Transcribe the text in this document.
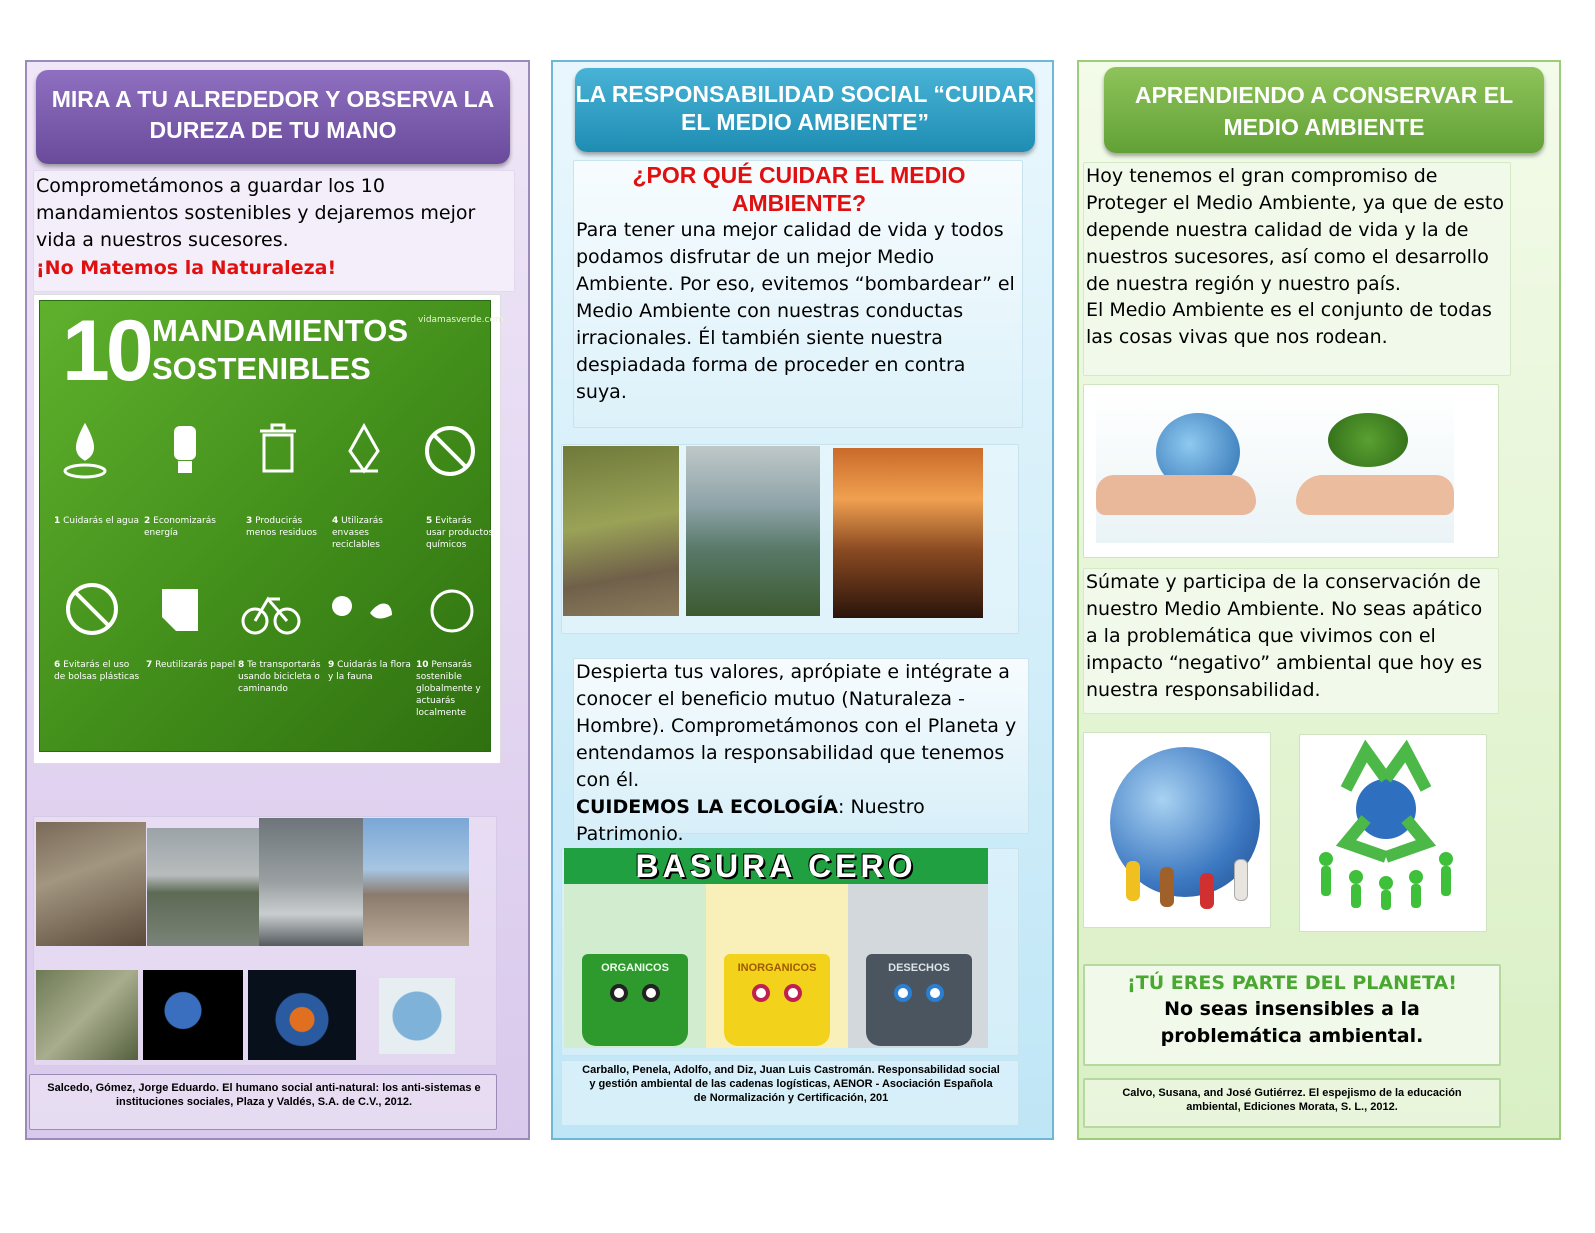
MIRA A TU ALREDEDOR Y OBSERVA LA DUREZA DE TU MANO
Comprometámonos a guardar los 10 mandamientos sostenibles y dejaremos mejor vida a nuestros sucesores.
¡No Matemos la Naturaleza!
10 MANDAMIENTOS
SOSTENIBLES
vidamasverde.com
1 Cuidarás el agua 2 Economizarás energía
3 Producirás menos residuos
4 Utilizarás envases reciclables
5 Evitarás usar productos químicos
6 Evitarás el uso de bolsas plásticas
7 Reutilizarás papel 8 Te transportarás usando bicicleta o caminando
9 Cuidarás la flora y la fauna
10 Pensarás sostenible globalmente y actuarás localmente
Salcedo, Gómez, Jorge Eduardo. El humano social anti-natural: los anti-sistemas e instituciones sociales, Plaza y Valdés, S.A. de C.V., 2012.
LA RESPONSABILIDAD SOCIAL “CUIDAR EL MEDIO AMBIENTE”
¿POR QUÉ CUIDAR EL MEDIO AMBIENTE?
Para tener una mejor calidad de vida y todos podamos disfrutar de un mejor Medio Ambiente. Por eso, evitemos “bombardear” el Medio Ambiente con nuestras conductas irracionales. Él también siente nuestra despiadada forma de proceder en contra suya.
Despierta tus valores, aprópiate e intégrate a conocer el beneficio mutuo (Naturaleza -Hombre). Comprometámonos con el Planeta y entendamos la responsabilidad que tenemos con él.
CUIDEMOS LA ECOLOGÍA: Nuestro Patrimonio.
BASURA CERO
ORGANICOS	INORGANICOS	DESECHOS
Carballo, Penela, Adolfo, and Diz, Juan Luis Castromán. Responsabilidad social y gestión ambiental de las cadenas logísticas, AENOR - Asociación Española de Normalización y Certificación, 201
APRENDIENDO A CONSERVAR EL MEDIO AMBIENTE
Hoy tenemos el gran compromiso de Proteger el Medio Ambiente, ya que de esto depende nuestra calidad de vida y la de nuestros sucesores, así como el desarrollo de nuestra región y nuestro país.
El Medio Ambiente es el conjunto de todas las cosas vivas que nos rodean.
Súmate y participa de la conservación de nuestro Medio Ambiente. No seas apático a la problemática que vivimos con el impacto “negativo” ambiental que hoy es nuestra responsabilidad.
¡TÚ ERES PARTE DEL PLANETA!
No seas insensibles a la problemática ambiental.
Calvo, Susana, and José Gutiérrez. El espejismo de la educación ambiental, Ediciones Morata, S. L., 2012.
